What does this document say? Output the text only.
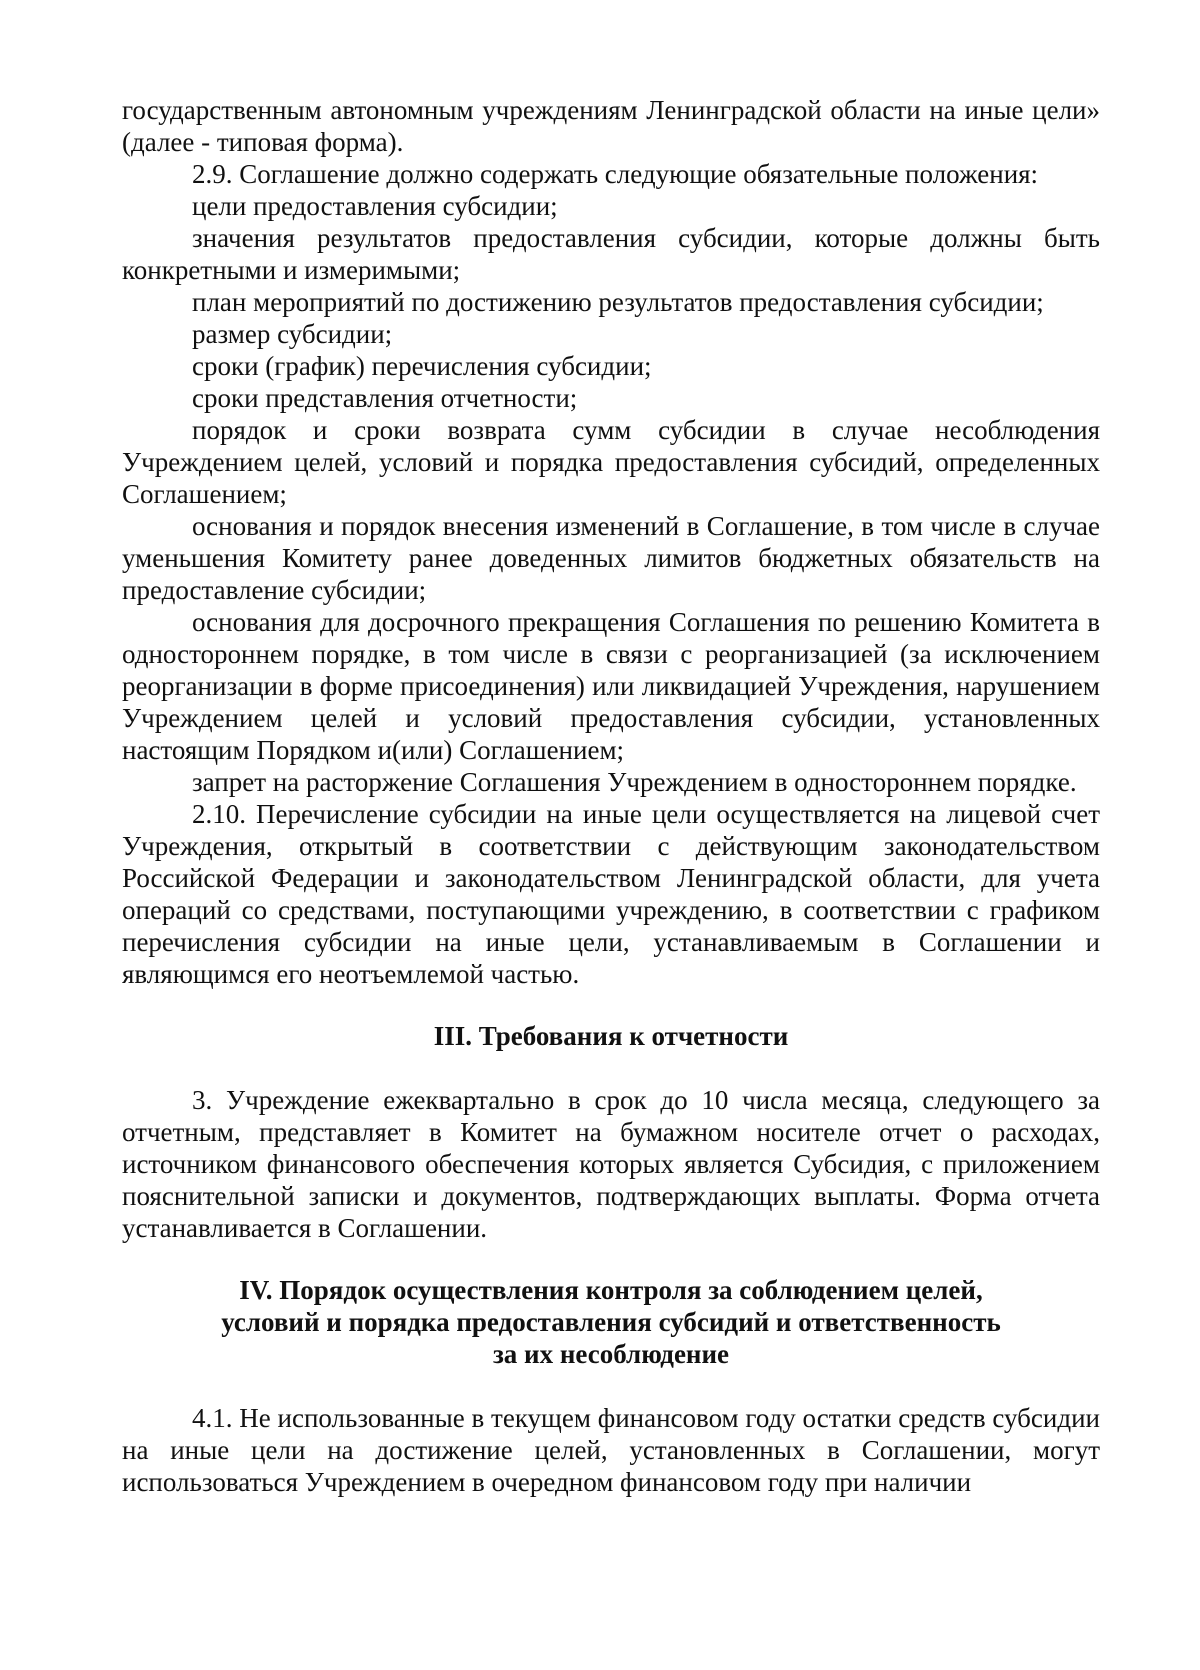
государственным автономным учреждениям Ленинградской области на иные цели» (далее - типовая форма).

2.9. Соглашение должно содержать следующие обязательные положения:

цели предоставления субсидии;

значения результатов предоставления субсидии, которые должны быть конкретными и измеримыми;

план мероприятий по достижению результатов предоставления субсидии;

размер субсидии;

сроки (график) перечисления субсидии;

сроки представления отчетности;

порядок и сроки возврата сумм субсидии в случае несоблюдения Учреждением целей, условий и порядка предоставления субсидий, определенных Соглашением;

основания и порядок внесения изменений в Соглашение, в том числе в случае уменьшения Комитету ранее доведенных лимитов бюджетных обязательств на предоставление субсидии;

основания для досрочного прекращения Соглашения по решению Комитета в одностороннем порядке, в том числе в связи с реорганизацией (за исключением реорганизации в форме присоединения) или ликвидацией Учреждения, нарушением Учреждением целей и условий предоставления субсидии, установленных настоящим Порядком и(или) Соглашением;

запрет на расторжение Соглашения Учреждением в одностороннем порядке.

2.10. Перечисление субсидии на иные цели осуществляется на лицевой счет Учреждения, открытый в соответствии с действующим законодательством Российской Федерации и законодательством Ленинградской области, для учета операций со средствами, поступающими учреждению, в соответствии с графиком перечисления субсидии на иные цели, устанавливаемым в Соглашении и являющимся его неотъемлемой частью.

III. Требования к отчетности

3. Учреждение ежеквартально в срок до 10 числа месяца, следующего за отчетным, представляет в Комитет на бумажном носителе отчет о расходах, источником финансового обеспечения которых является Субсидия, с приложением пояснительной записки и документов, подтверждающих выплаты. Форма отчета устанавливается в Соглашении.

IV. Порядок осуществления контроля за соблюдением целей,
условий и порядка предоставления субсидий и ответственность
за их несоблюдение

4.1. Не использованные в текущем финансовом году остатки средств субсидии на иные цели на достижение целей, установленных в Соглашении, могут использоваться Учреждением в очередном финансовом году при наличии
